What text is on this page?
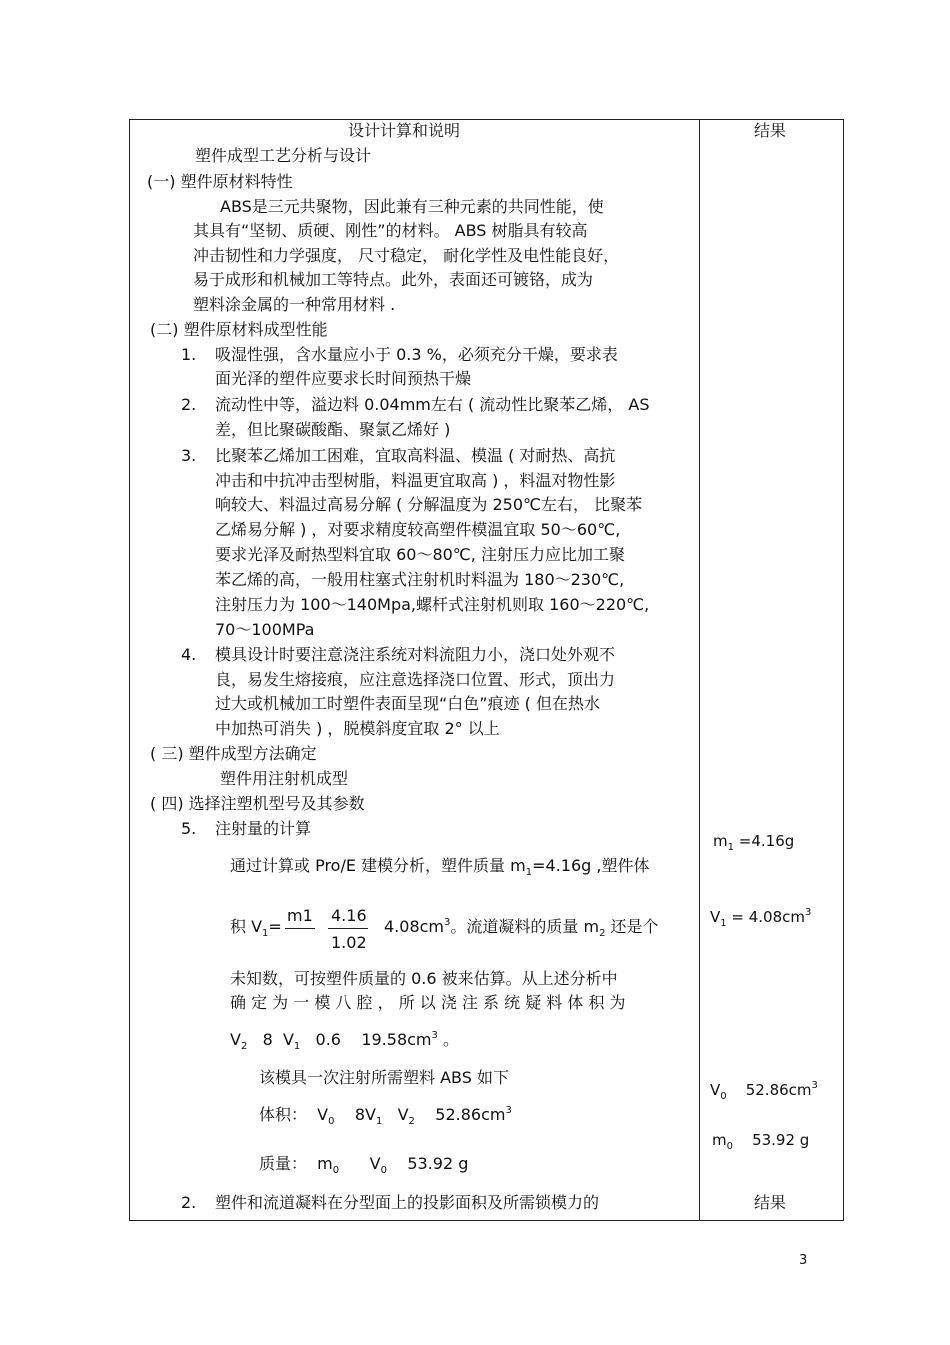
设计计算和说明	结果
塑件成型工艺分析与设计
(一) 塑件原材料特性
ABS是三元共聚物，因此兼有三种元素的共同性能，使
其具有“坚韧、质硬、刚性”的材料。 ABS 树脂具有较高
冲击韧性和力学强度， 尺寸稳定， 耐化学性及电性能良好，
易于成形和机械加工等特点。此外，表面还可镀铬，成为
塑料涂金属的一种常用材料 .
(二) 塑件原材料成型性能
1. 吸湿性强，含水量应小于 0.3 %，必须充分干燥，要求表
面光泽的塑件应要求长时间预热干燥
2. 流动性中等，溢边料 0.04mm左右 ( 流动性比聚苯乙烯， AS
差，但比聚碳酸酯、聚氯乙烯好 )
3. 比聚苯乙烯加工困难，宜取高料温、模温 ( 对耐热、高抗
冲击和中抗冲击型树脂，料温更宜取高 ) ，料温对物性影
响较大、料温过高易分解 ( 分解温度为 250℃左右， 比聚苯
乙烯易分解 ) ，对要求精度较高塑件模温宜取 50～60℃,
要求光泽及耐热型料宜取 60～80℃, 注射压力应比加工聚
苯乙烯的高，一般用柱塞式注射机时料温为 180～230℃,
注射压力为 100～140Mpa,螺杆式注射机则取 160～220℃,
70～100MPa
4. 模具设计时要注意浇注系统对料流阻力小，浇口处外观不
良，易发生熔接痕，应注意选择浇口位置、形式，顶出力
过大或机械加工时塑件表面呈现“白色”痕迹 ( 但在热水
中加热可消失 ) ，脱模斜度宜取 2° 以上
( 三) 塑件成型方法确定
塑件用注射机成型
( 四) 选择注塑机型号及其参数
5. 注射量的计算
通过计算或 Pro/E 建模分析，塑件质量 $m_1=4.16g$ ,塑件体
积 $V_1=$
m1 4.16
1.02
$4.08cm^3$。流道凝料的质量 $m_2$ 还是个
未知数，可按塑件质量的 0.6 被来估算。从上述分析中
确 定 为 一 模 八 腔 ， 所 以 浇 注 系 统 疑 料 体 积 为
$V_2$   8  $V_1$   0.6    $19.58cm^3$ 。
该模具一次注射所需塑料 ABS 如下
体积：  $V_0$    $8V_1$   $V_2$    $52.86cm^3$
质量：  $m_0$      $V_0$    53.92 g
2. 塑件和流道凝料在分型面上的投影面积及所需锁模力的	结果
$m_1 =4.16g$
$V_1 = 4.08cm^3$
$V_0$    $52.86cm^3$
$m_0$    53.92 g
3
